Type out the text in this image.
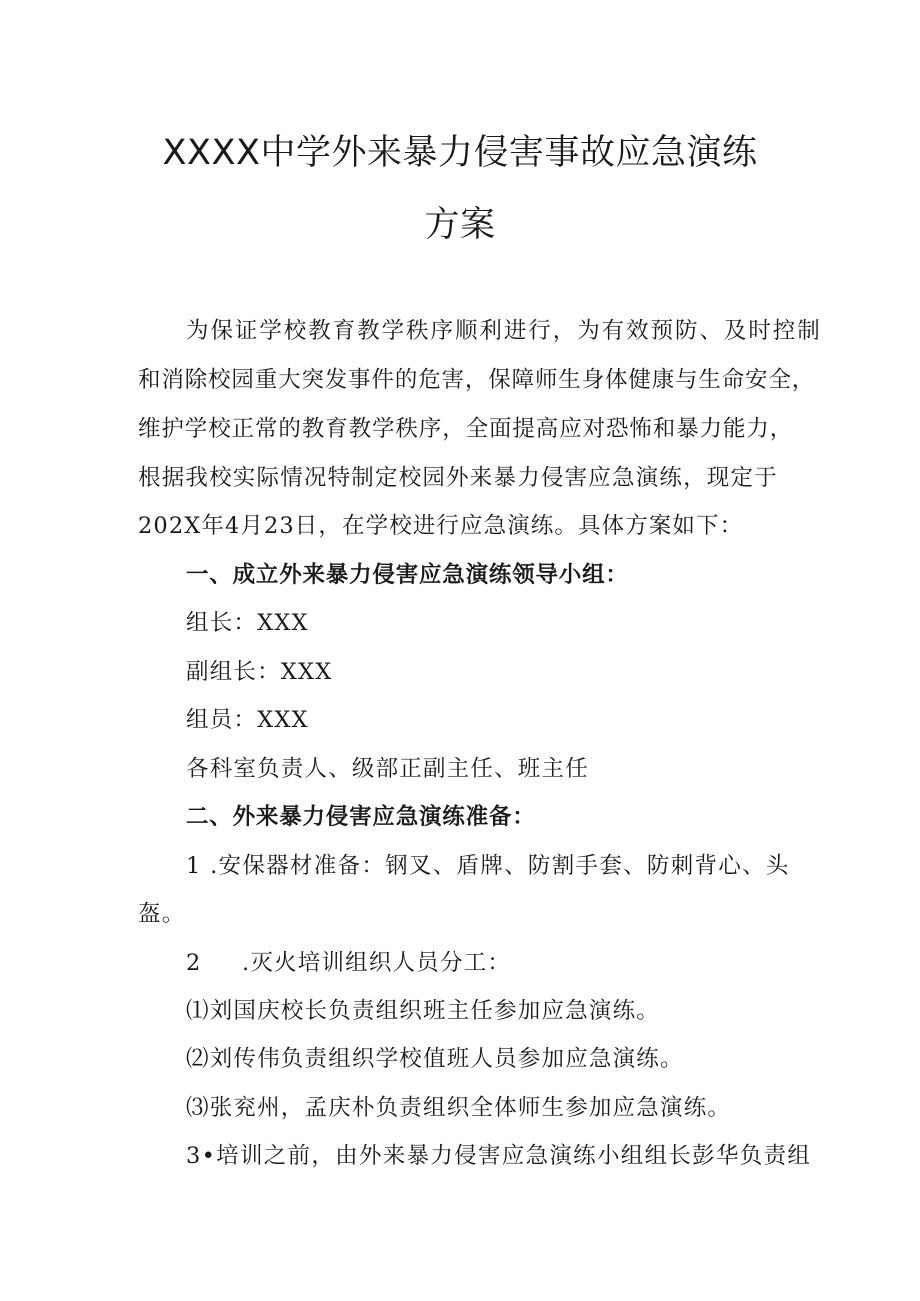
XXXX中学外来暴力侵害事故应急演练
方案
为保证学校教育教学秩序顺利进行，为有效预防、及时控制
和消除校园重大突发事件的危害，保障师生身体健康与生命安全，
维护学校正常的教育教学秩序，全面提高应对恐怖和暴力能力，
根据我校实际情况特制定校园外来暴力侵害应急演练，现定于
202X年4月23日，在学校进行应急演练。具体方案如下：
一、成立外来暴力侵害应急演练领导小组：
组长：XXX
副组长：XXX
组员：XXX
各科室负责人、级部正副主任、班主任
二、外来暴力侵害应急演练准备：
1 .安保器材准备：钢叉、盾牌、防割手套、防刺背心、头
盔。
2 .灭火培训组织人员分工：
⑴刘国庆校长负责组织班主任参加应急演练。
⑵刘传伟负责组织学校值班人员参加应急演练。
⑶张兖州，孟庆朴负责组织全体师生参加应急演练。
3•培训之前，由外来暴力侵害应急演练小组组长彭华负责组
